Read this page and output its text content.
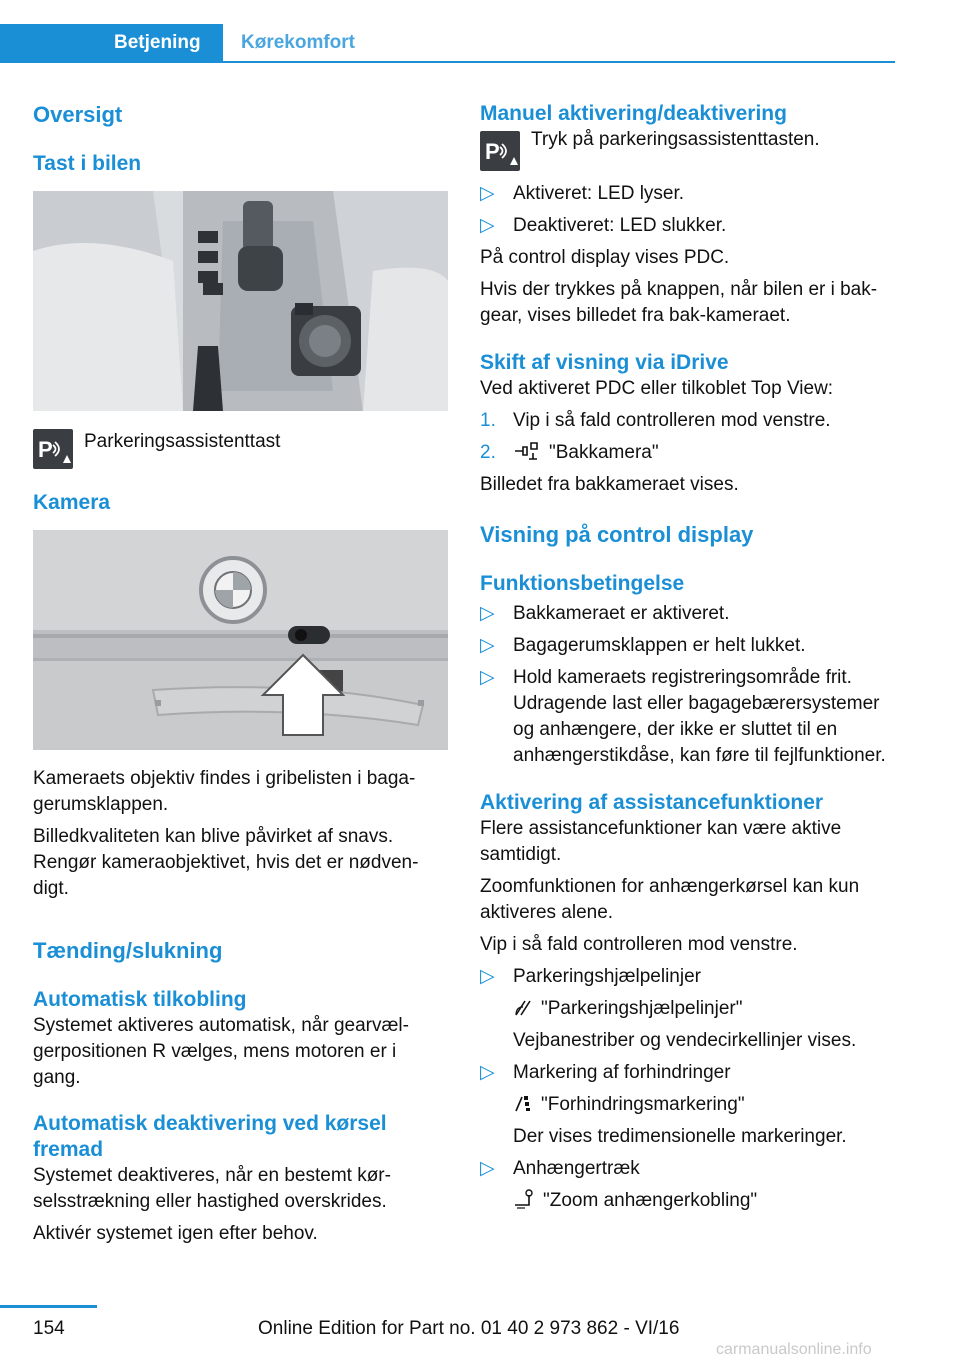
Betjening Kørekomfort
Oversigt
Tast i bilen
P Parkeringsassistenttast
Kamera

Kameraets objektiv findes i gribelisten i bagagerumsklappen.

Billedkvaliteten kan blive påvirket af snavs. Rengør kameraobjektivet, hvis det er nødvendigt.

Tænding/slukning
Automatisk tilkobling

Systemet aktiveres automatisk, når gearvælgerpositionen R vælges, mens motoren er i gang.

Automatisk deaktivering ved kørsel fremad

Systemet deaktiveres, når en bestemt kørselsstrækning eller hastighed overskrides.

Aktivér systemet igen efter behov.

Manuel aktivering/deaktivering
P Tryk på parkeringsassistenttasten.
▷ Aktiveret: LED lyser.
▷ Deaktiveret: LED slukker.

På control display vises PDC.

Hvis der trykkes på knappen, når bilen er i bakgear, vises billedet fra bak-kameraet.

Skift af visning via iDrive

Ved aktiveret PDC eller tilkoblet Top View:

1. Vip i så fald controlleren mod venstre.
2.	"Bakkamera"

Billedet fra bakkameraet vises.

Visning på control display
Funktionsbetingelse
▷ Bakkameraet er aktiveret.
▷ Bagagerumsklappen er helt lukket.
▷ Hold kameraets registreringsområde frit. Udragende last eller bagagebærersystemer og anhængere, der ikke er sluttet til en anhængerstikdåse, kan føre til fejlfunktioner.
Aktivering af assistancefunktioner

Flere assistancefunktioner kan være aktive samtidigt.

Zoomfunktionen for anhængerkørsel kan kun aktiveres alene.

Vip i så fald controlleren mod venstre.

▷ Parkeringshjælpelinjer
"Parkeringshjælpelinjer"
Vejbanestriber og vendecirkellinjer vises.
▷ Markering af forhindringer
"Forhindringsmarkering"
Der vises tredimensionelle markeringer.
▷ Anhængertræk
"Zoom anhængerkobling"
154	Online Edition for Part no. 01 40 2 973 862 - VI/16
carmanualsonline.info
